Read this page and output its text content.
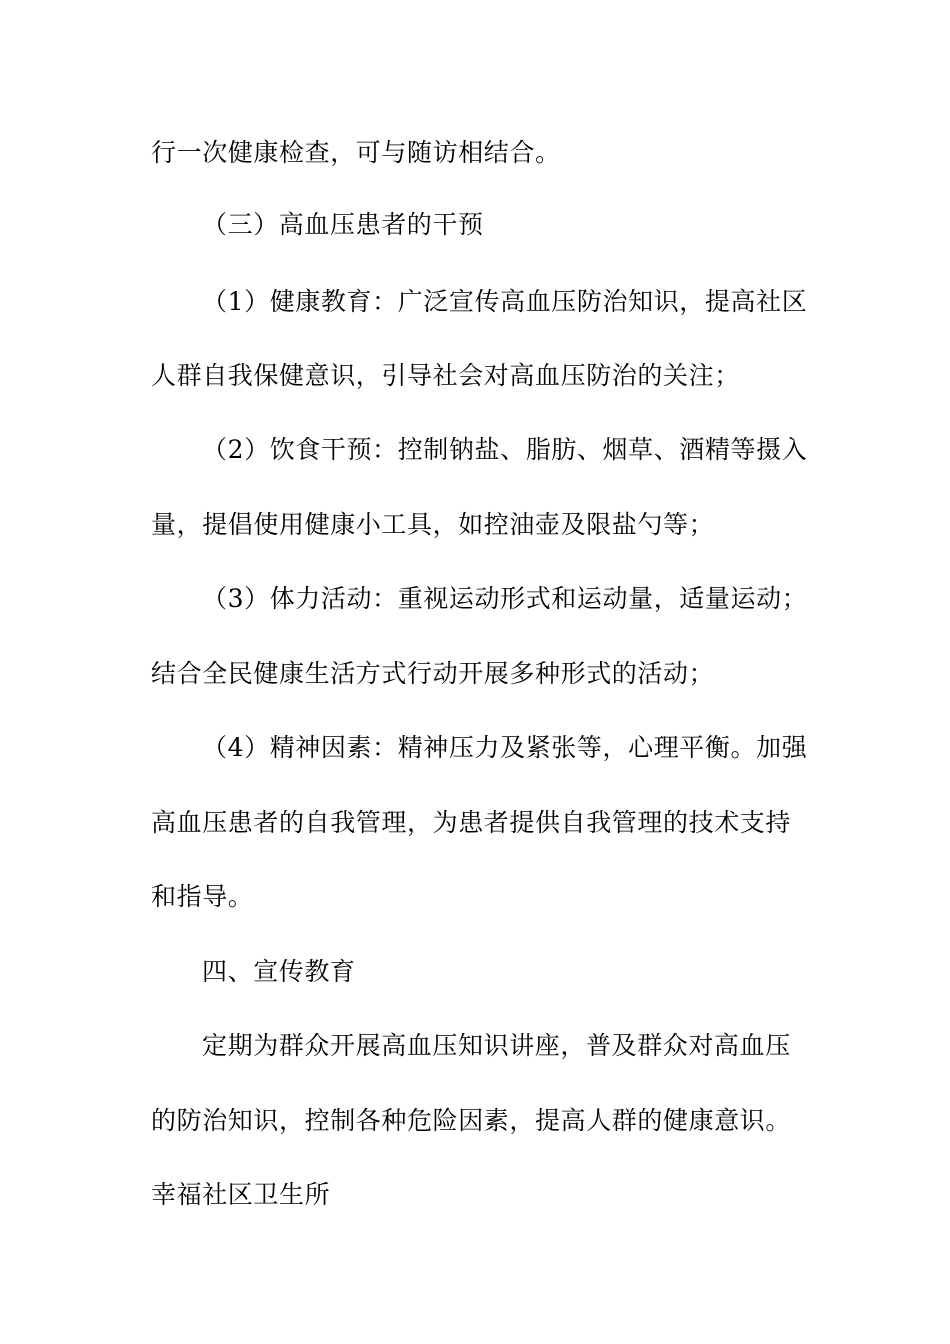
行一次健康检查，可与随访相结合。
（三）高血压患者的干预
（1）健康教育：广泛宣传高血压防治知识，提高社区
人群自我保健意识，引导社会对高血压防治的关注；
（2）饮食干预：控制钠盐、脂肪、烟草、酒精等摄入
量，提倡使用健康小工具，如控油壶及限盐勺等；
（3）体力活动：重视运动形式和运动量，适量运动；
结合全民健康生活方式行动开展多种形式的活动；
（4）精神因素：精神压力及紧张等，心理平衡。加强
高血压患者的自我管理，为患者提供自我管理的技术支持
和指导。
四、宣传教育
定期为群众开展高血压知识讲座，普及群众对高血压
的防治知识，控制各种危险因素，提高人群的健康意识。
幸福社区卫生所
